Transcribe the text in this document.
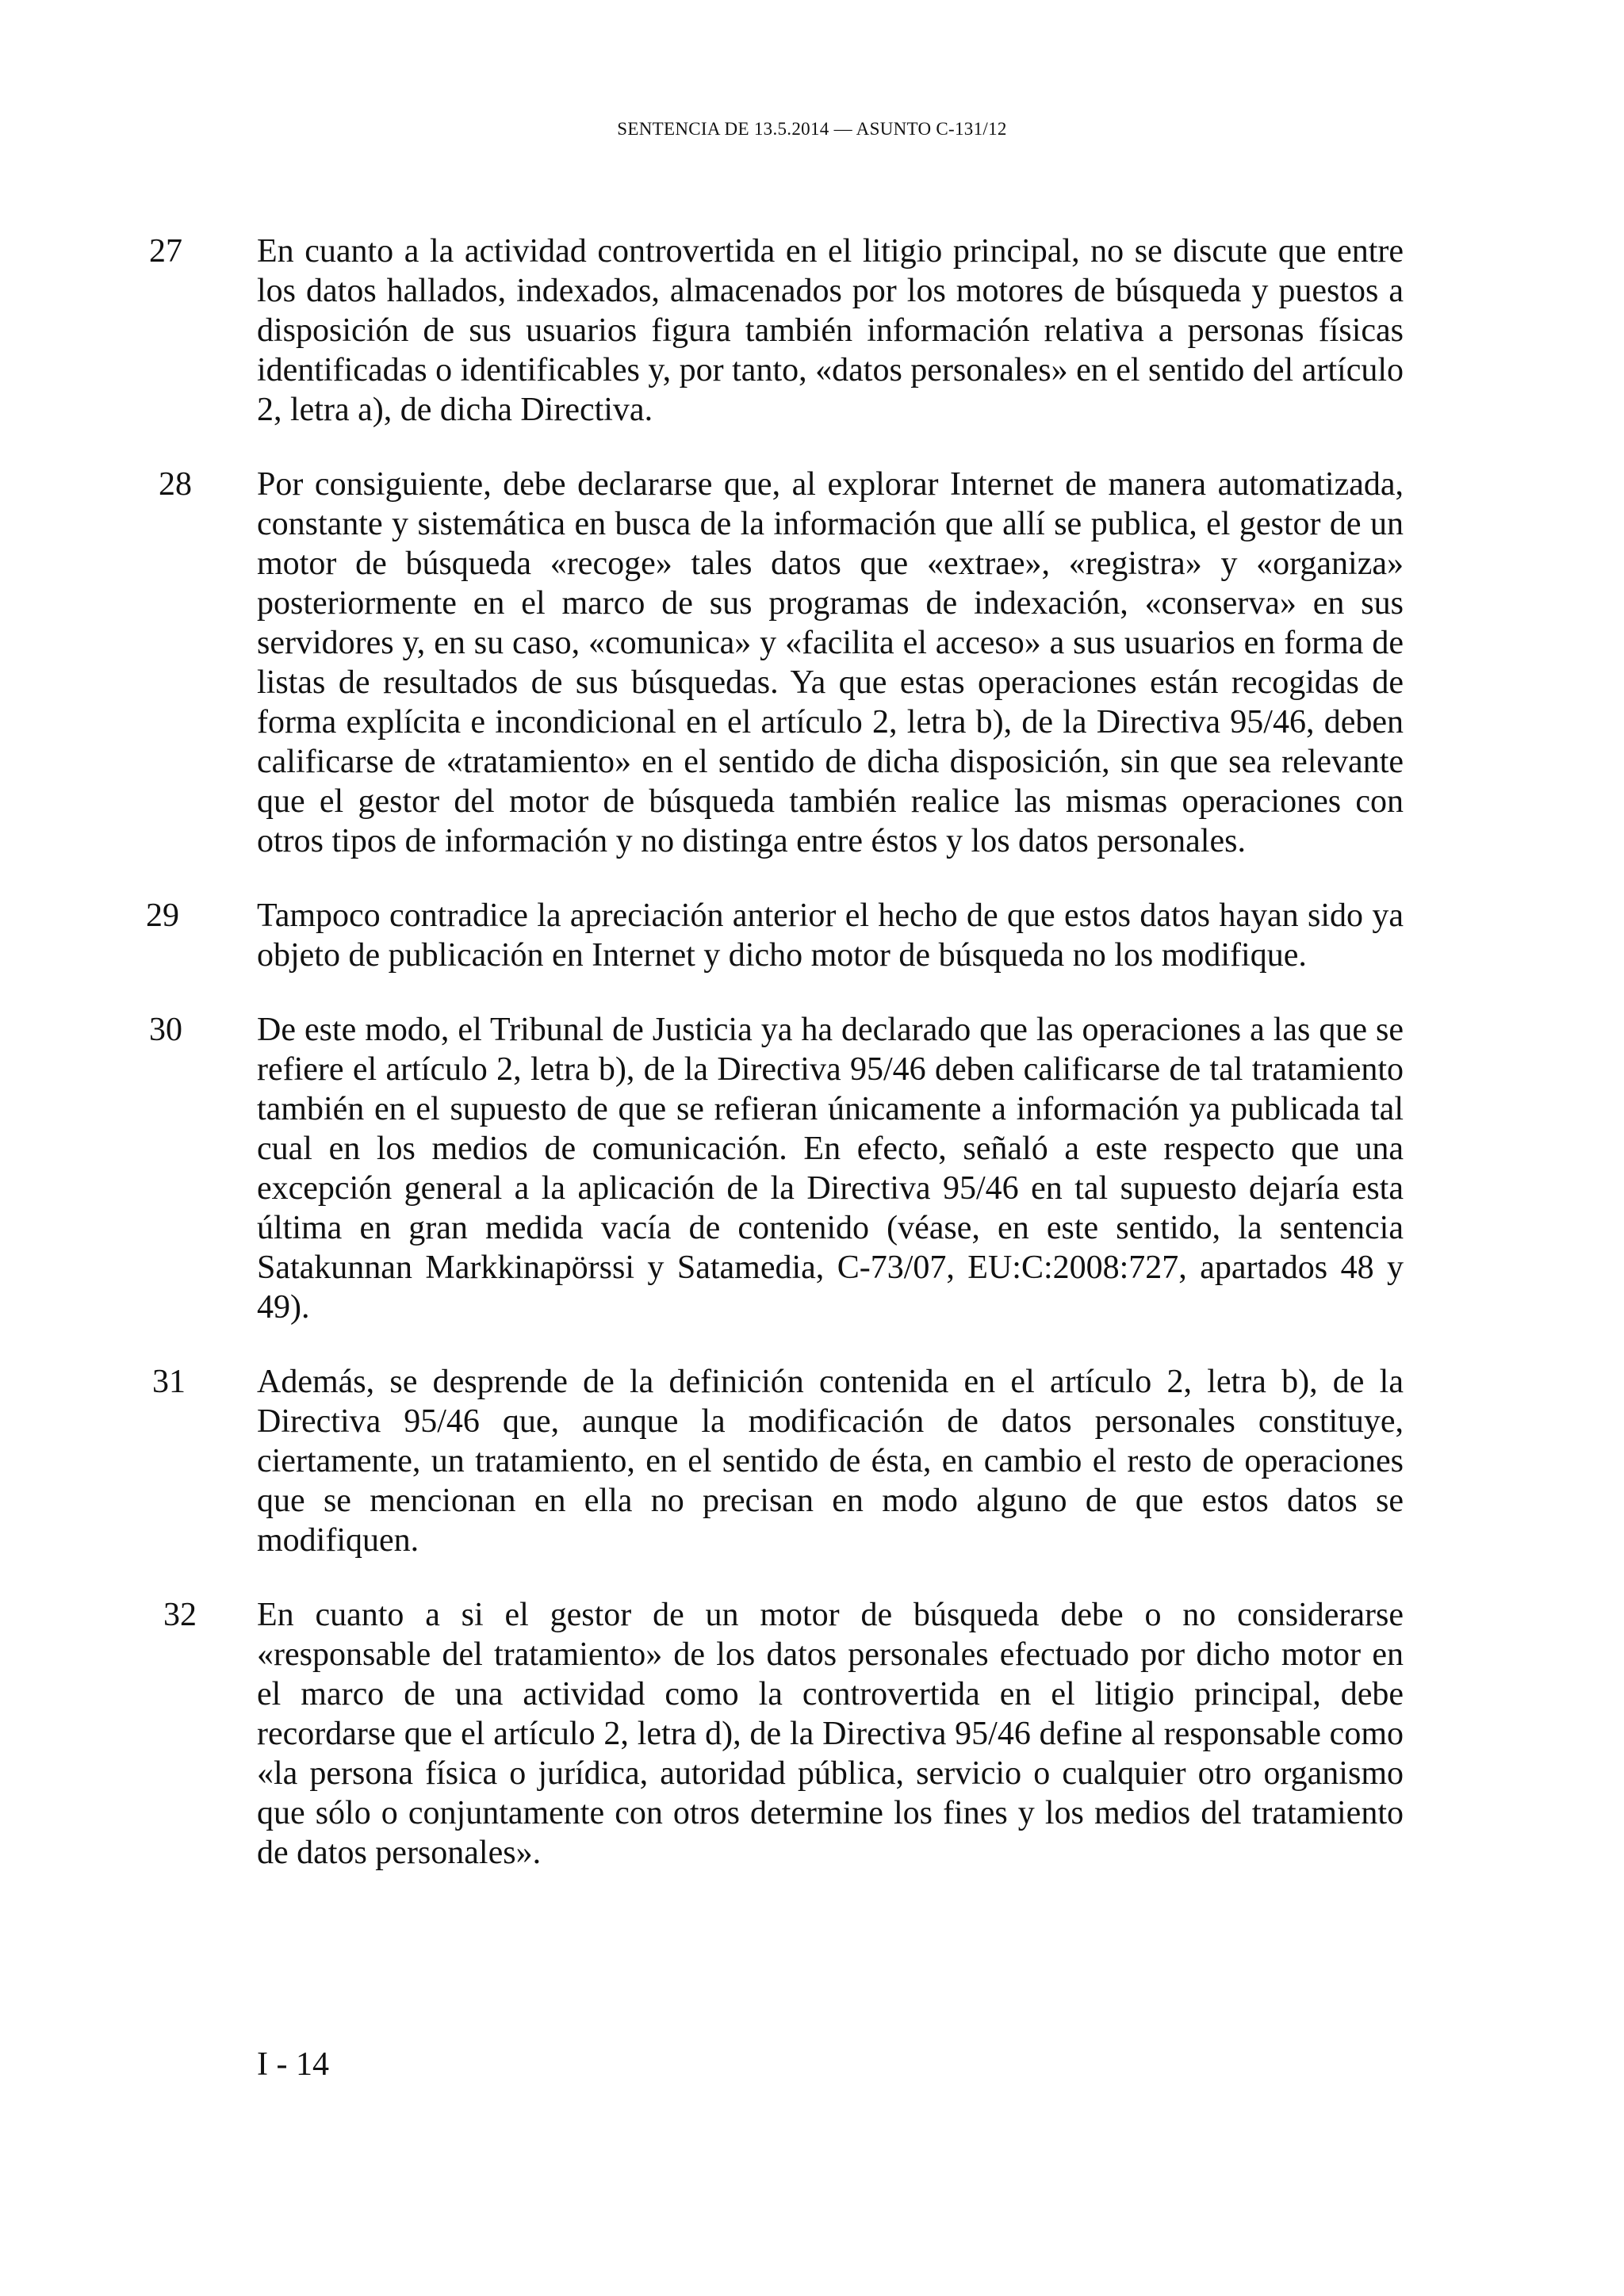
SENTENCIA DE 13.5.2014 — ASUNTO C-131/12
27	En cuanto a la actividad controvertida en el litigio principal, no se discute que entre los datos hallados, indexados, almacenados por los motores de búsqueda y puestos a disposición de sus usuarios figura también información relativa a personas físicas identificadas o identificables y, por tanto, «datos personales» en el sentido del artículo 2, letra a), de dicha Directiva.

28	Por consiguiente, debe declararse que, al explorar Internet de manera automatizada, constante y sistemática en busca de la información que allí se publica, el gestor de un motor de búsqueda «recoge» tales datos que «extrae», «registra» y «organiza» posteriormente en el marco de sus programas de indexación, «conserva» en sus servidores y, en su caso, «comunica» y «facilita el acceso» a sus usuarios en forma de listas de resultados de sus búsquedas. Ya que estas operaciones están recogidas de forma explícita e incondicional en el artículo 2, letra b), de la Directiva 95/46, deben calificarse de «tratamiento» en el sentido de dicha disposición, sin que sea relevante que el gestor del motor de búsqueda también realice las mismas operaciones con otros tipos de información y no distinga entre éstos y los datos personales.

29	Tampoco contradice la apreciación anterior el hecho de que estos datos hayan sido ya objeto de publicación en Internet y dicho motor de búsqueda no los modifique.

30	De este modo, el Tribunal de Justicia ya ha declarado que las operaciones a las que se refiere el artículo 2, letra b), de la Directiva 95/46 deben calificarse de tal tratamiento también en el supuesto de que se refieran únicamente a información ya publicada tal cual en los medios de comunicación. En efecto, señaló a este respecto que una excepción general a la aplicación de la Directiva 95/46 en tal supuesto dejaría esta última en gran medida vacía de contenido (véase, en este sentido, la sentencia Satakunnan Markkinapörssi y Satamedia, C-73/07, EU:C:2008:727, apartados 48 y 49).

31	Además, se desprende de la definición contenida en el artículo 2, letra b), de la Directiva 95/46 que, aunque la modificación de datos personales constituye, ciertamente, un tratamiento, en el sentido de ésta, en cambio el resto de operaciones que se mencionan en ella no precisan en modo alguno de que estos datos se modifiquen.

32	En cuanto a si el gestor de un motor de búsqueda debe o no considerarse «responsable del tratamiento» de los datos personales efectuado por dicho motor en el marco de una actividad como la controvertida en el litigio principal, debe recordarse que el artículo 2, letra d), de la Directiva 95/46 define al responsable como «la persona física o jurídica, autoridad pública, servicio o cualquier otro organismo que sólo o conjuntamente con otros determine los fines y los medios del tratamiento de datos personales».

I - 14
